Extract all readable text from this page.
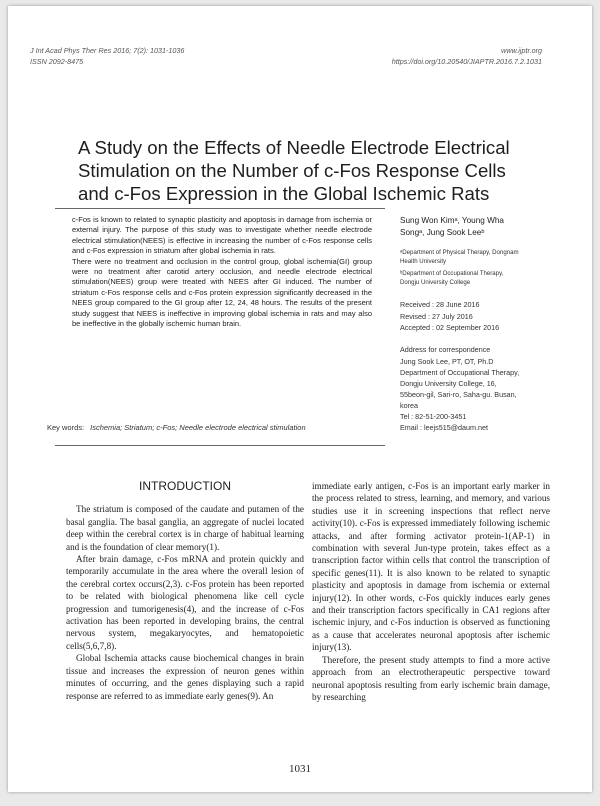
J Int Acad Phys Ther Res 2016; 7(2): 1031-1036
ISSN 2092-8475
www.ijptr.org
https://doi.org/10.20540/JIAPTR.2016.7.2.1031
A Study on the Effects of Needle Electrode Electrical Stimulation on the Number of c-Fos Response Cells and c-Fos Expression in the Global Ischemic Rats

c-Fos is known to related to synaptic plasticity and apoptosis in damage from ischemia or external injury. The purpose of this study was to investigate whether needle electrode electrical stimulation(NEES) is effective in increasing the number of c-Fos response cells and c-Fos expression in striatum after global ischemia in rats.

There were no treatment and occlusion in the control group, global ischemia(GI) group were no treatment after carotid artery occlusion, and needle electrode electrical stimulation(NEES) group were treated with NEES after GI induced. The number of striatum c-Fos response cells and c-Fos protein expression significantly decreased in the NEES group compared to the GI group after 12, 24, 48 hours. The results of the present study suggest that NEES is ineffective in improving global ischemia in rats and may also be ineffective in the globally ischemic human brain.

Key words: Ischemia; Striatum; c-Fos; Needle electrode electrical stimulation
Sung Won Kimᵃ, Young Wha Songᵃ, Jung Sook Leeᵇ

ᵃDepartment of Physical Therapy, Dongnam Health University

ᵇDepartment of Occupational Therapy, Dongju University College

Received : 28 June 2016
Revised : 27 July 2016
Accepted : 02 September 2016
Address for correspondence
Jung Sook Lee, PT, OT, Ph.D
Department of Occupational Therapy, Dongju University College, 16, 55beon-gil, Sari-ro, Saha-gu. Busan, korea
Tel : 82-51-200-3451
Email : leejs515@daum.net
INTRODUCTION

The striatum is composed of the caudate and putamen of the basal ganglia. The basal ganglia, an aggregate of nuclei located deep within the cerebral cortex is in charge of habitual learning and is the foundation of clear memory(1).

After brain damage, c-Fos mRNA and protein quickly and temporarily accumulate in the area where the overall lesion of the cerebral cortex occurs(2,3). c-Fos protein has been reported to be related with biological phenomena like cell cycle progression and tumorigenesis(4), and the increase of c-Fos activation has been reported in developing brains, the central nervous system, megakaryocytes, and hematopoietic cells(5,6,7,8).

Global Ischemia attacks cause biochemical changes in brain tissue and increases the expression of neuron genes within minutes of occurring, and the genes displaying such a rapid response are referred to as immediate early genes(9). An

immediate early antigen, c-Fos is an important early marker in the process related to stress, learning, and memory, and various studies use it in screening inspections that reflect nerve activity(10). c-Fos is expressed immediately following ischemic attacks, and after forming activator protein-1(AP-1) in combination with several Jun-type protein, takes effect as a transcription factor within cells that control the transcription of specific genes(11). It is also known to be related to synaptic plasticity and apoptosis in damage from ischemia or external injury(12). In other words, c-Fos quickly induces early genes and their transcription factors specifically in CA1 regions after ischemic injury, and c-Fos induction is observed as functioning as a cause that accelerates neuronal apoptosis after ischemic injury(13).

Therefore, the present study attempts to find a more active approach from an electrotherapeutic perspective toward neuronal apoptosis resulting from early ischemic brain damage, by researching

1031
